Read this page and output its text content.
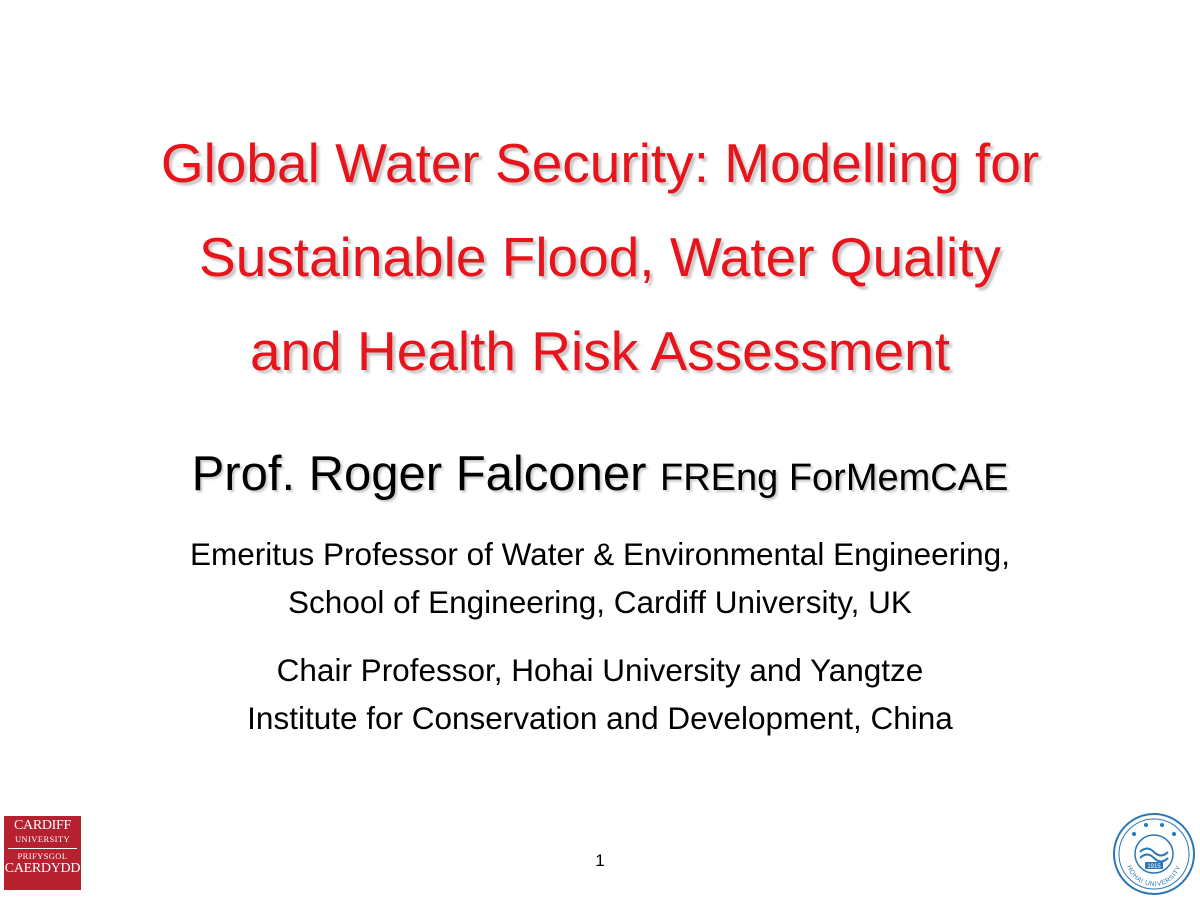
Global Water Security: Modelling for
Sustainable Flood, Water Quality
and Health Risk Assessment
Prof. Roger Falconer FREng ForMemCAE
Emeritus Professor of Water & Environmental Engineering,
School of Engineering, Cardiff University, UK
Chair Professor, Hohai University and Yangtze
Institute for Conservation and Development, China
CARDIFF
UNIVERSITY
PRIFYSGOL
CAERDYDD	1	1915
HOHAI UNIVERSITY
